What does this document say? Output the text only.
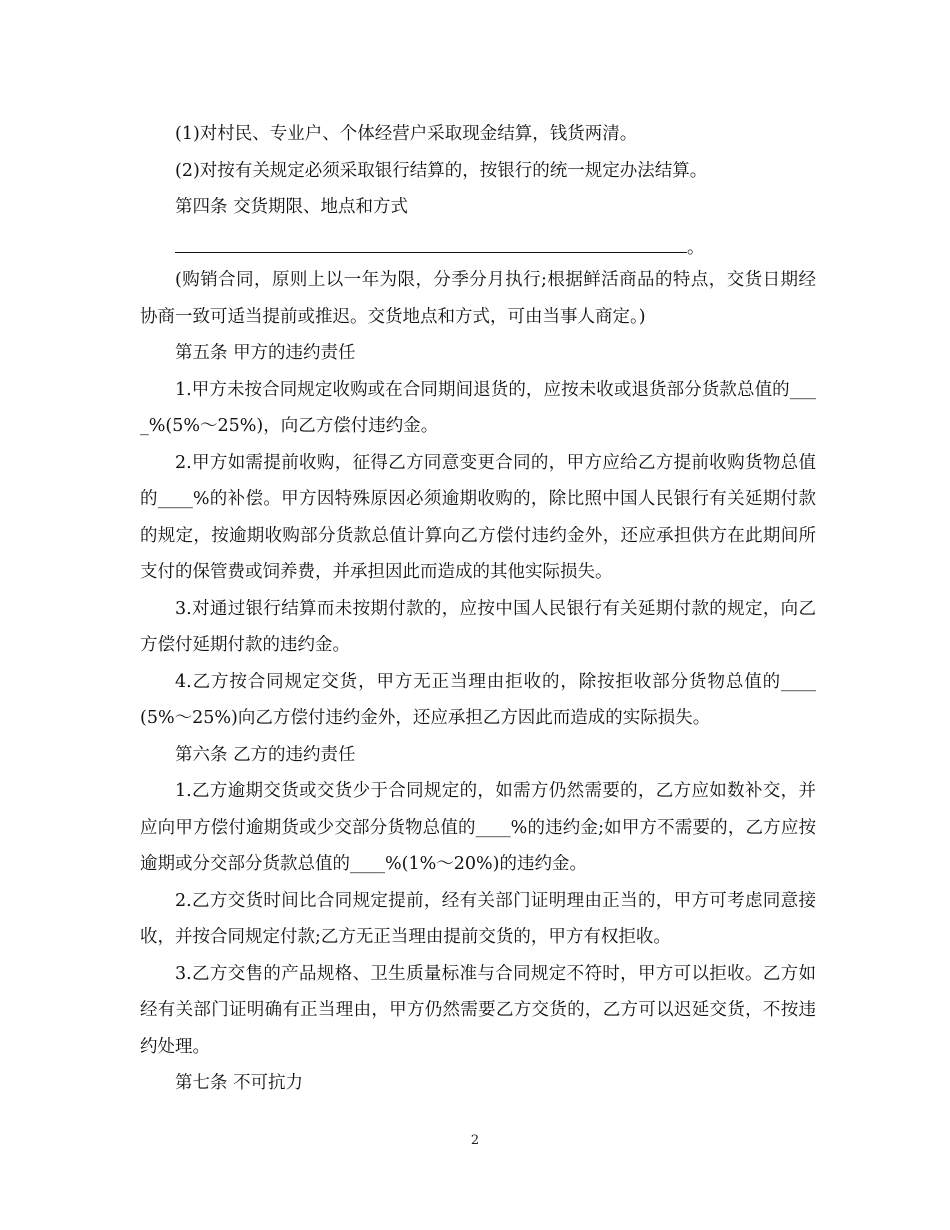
(1)对村民、专业户、个体经营户采取现金结算，钱货两清。

(2)对按有关规定必须采取银行结算的，按银行的统一规定办法结算。

第四条 交货期限、地点和方式

。

(购销合同，原则上以一年为限，分季分月执行;根据鲜活商品的特点，交货日期经协商一致可适当提前或推迟。交货地点和方式，可由当事人商定。)

第五条 甲方的违约责任

1.甲方未按合同规定收购或在合同期间退货的，应按未收或退货部分货款总值的____%(5%～25%)，向乙方偿付违约金。

2.甲方如需提前收购，征得乙方同意变更合同的，甲方应给乙方提前收购货物总值的____%的补偿。甲方因特殊原因必须逾期收购的，除比照中国人民银行有关延期付款的规定，按逾期收购部分货款总值计算向乙方偿付违约金外，还应承担供方在此期间所支付的保管费或饲养费，并承担因此而造成的其他实际损失。

3.对通过银行结算而未按期付款的，应按中国人民银行有关延期付款的规定，向乙方偿付延期付款的违约金。

4.乙方按合同规定交货，甲方无正当理由拒收的，除按拒收部分货物总值的____(5%～25%)向乙方偿付违约金外，还应承担乙方因此而造成的实际损失。

第六条 乙方的违约责任

1.乙方逾期交货或交货少于合同规定的，如需方仍然需要的，乙方应如数补交，并应向甲方偿付逾期货或少交部分货物总值的____%的违约金;如甲方不需要的，乙方应按逾期或分交部分货款总值的____%(1%～20%)的违约金。

2.乙方交货时间比合同规定提前，经有关部门证明理由正当的，甲方可考虑同意接收，并按合同规定付款;乙方无正当理由提前交货的，甲方有权拒收。

3.乙方交售的产品规格、卫生质量标准与合同规定不符时，甲方可以拒收。乙方如经有关部门证明确有正当理由，甲方仍然需要乙方交货的，乙方可以迟延交货，不按违约处理。

第七条 不可抗力

2
